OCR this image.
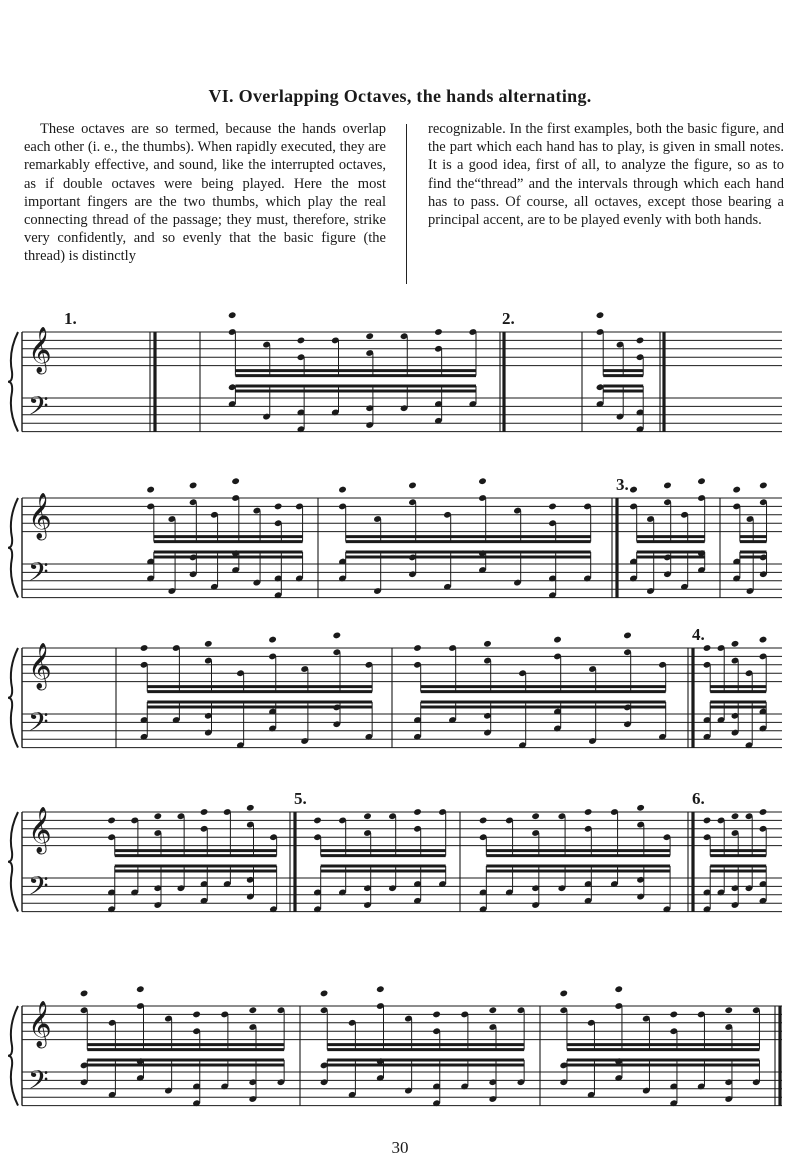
VI. Overlapping Octaves, the hands alternating.

These octaves are so termed, because the hands overlap each other (i. e., the thumbs). When rapidly executed, they are remarkably effective, and sound, like the interrupted octaves, as if double octaves were being played. Here the most important fingers are the two thumbs, which play the real connecting thread of the passage; they must, therefore, strike very confidently, and so evenly that the basic figure (the thread) is distinctly

recognizable. In the first examples, both the basic figure, and the part which each hand has to play, is given in small notes. It is a good idea, first of all, to analyze the figure, so as to find the“thread” and the intervals through which each hand has to pass. Of course, all octaves, except those bearing a principal accent, are to be played evenly with both hands.

𝄞
𝄢
1.	2.
𝄞
𝄢
3.
𝄞
𝄢
4.
𝄞
𝄢
5.	6.
𝄞
𝄢
30
